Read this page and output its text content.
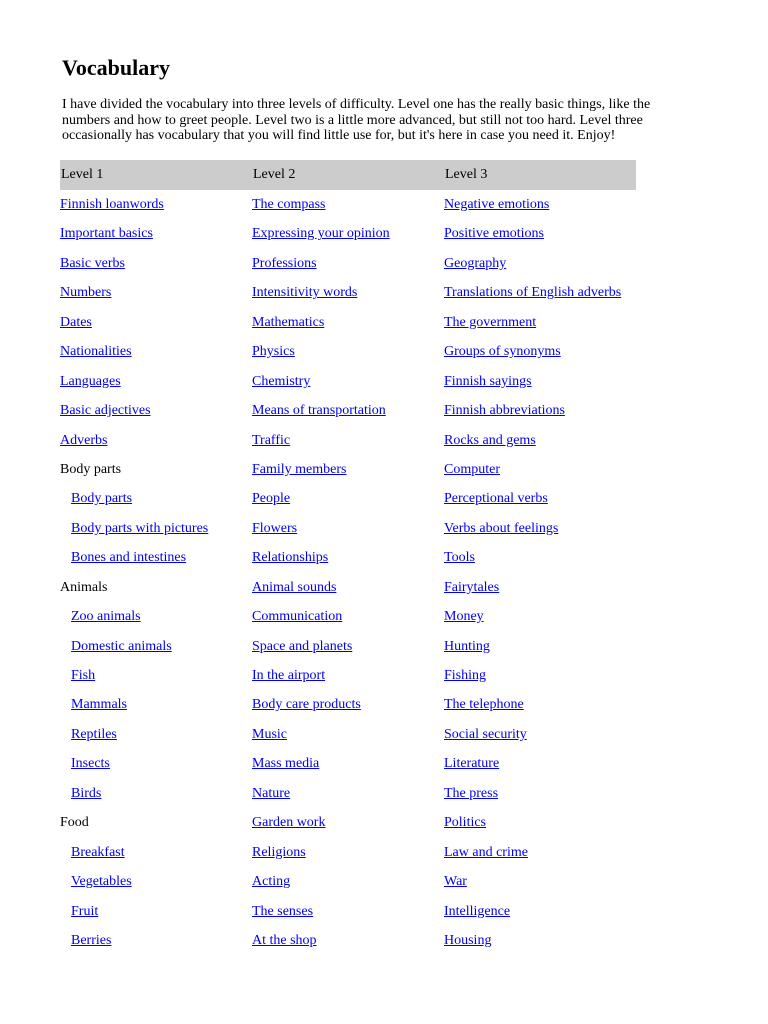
Vocabulary

I have divided the vocabulary into three levels of difficulty. Level one has the really basic things, like the numbers and how to greet people. Level two is a little more advanced, but still not too hard. Level three occasionally has vocabulary that you will find little use for, but it's here in case you need it. Enjoy!

Level 1	Level 2	Level 3
Finnish loanwords
Important basics
Basic verbs
Numbers
Dates
Nationalities
Languages
Basic adjectives
Adverbs
Body parts
Body parts
Body parts with pictures
Bones and intestines
Animals
Zoo animals
Domestic animals
Fish
Mammals
Reptiles
Insects
Birds
Food
Breakfast
Vegetables
Fruit
Berries
The compass
Expressing your opinion
Professions
Intensitivity words
Mathematics
Physics
Chemistry
Means of transportation
Traffic
Family members
People
Flowers
Relationships
Animal sounds
Communication
Space and planets
In the airport
Body care products
Music
Mass media
Nature
Garden work
Religions
Acting
The senses
At the shop
Negative emotions
Positive emotions
Geography
Translations of English adverbs
The government
Groups of synonyms
Finnish sayings
Finnish abbreviations
Rocks and gems
Computer
Perceptional verbs
Verbs about feelings
Tools
Fairytales
Money
Hunting
Fishing
The telephone
Social security
Literature
The press
Politics
Law and crime
War
Intelligence
Housing
